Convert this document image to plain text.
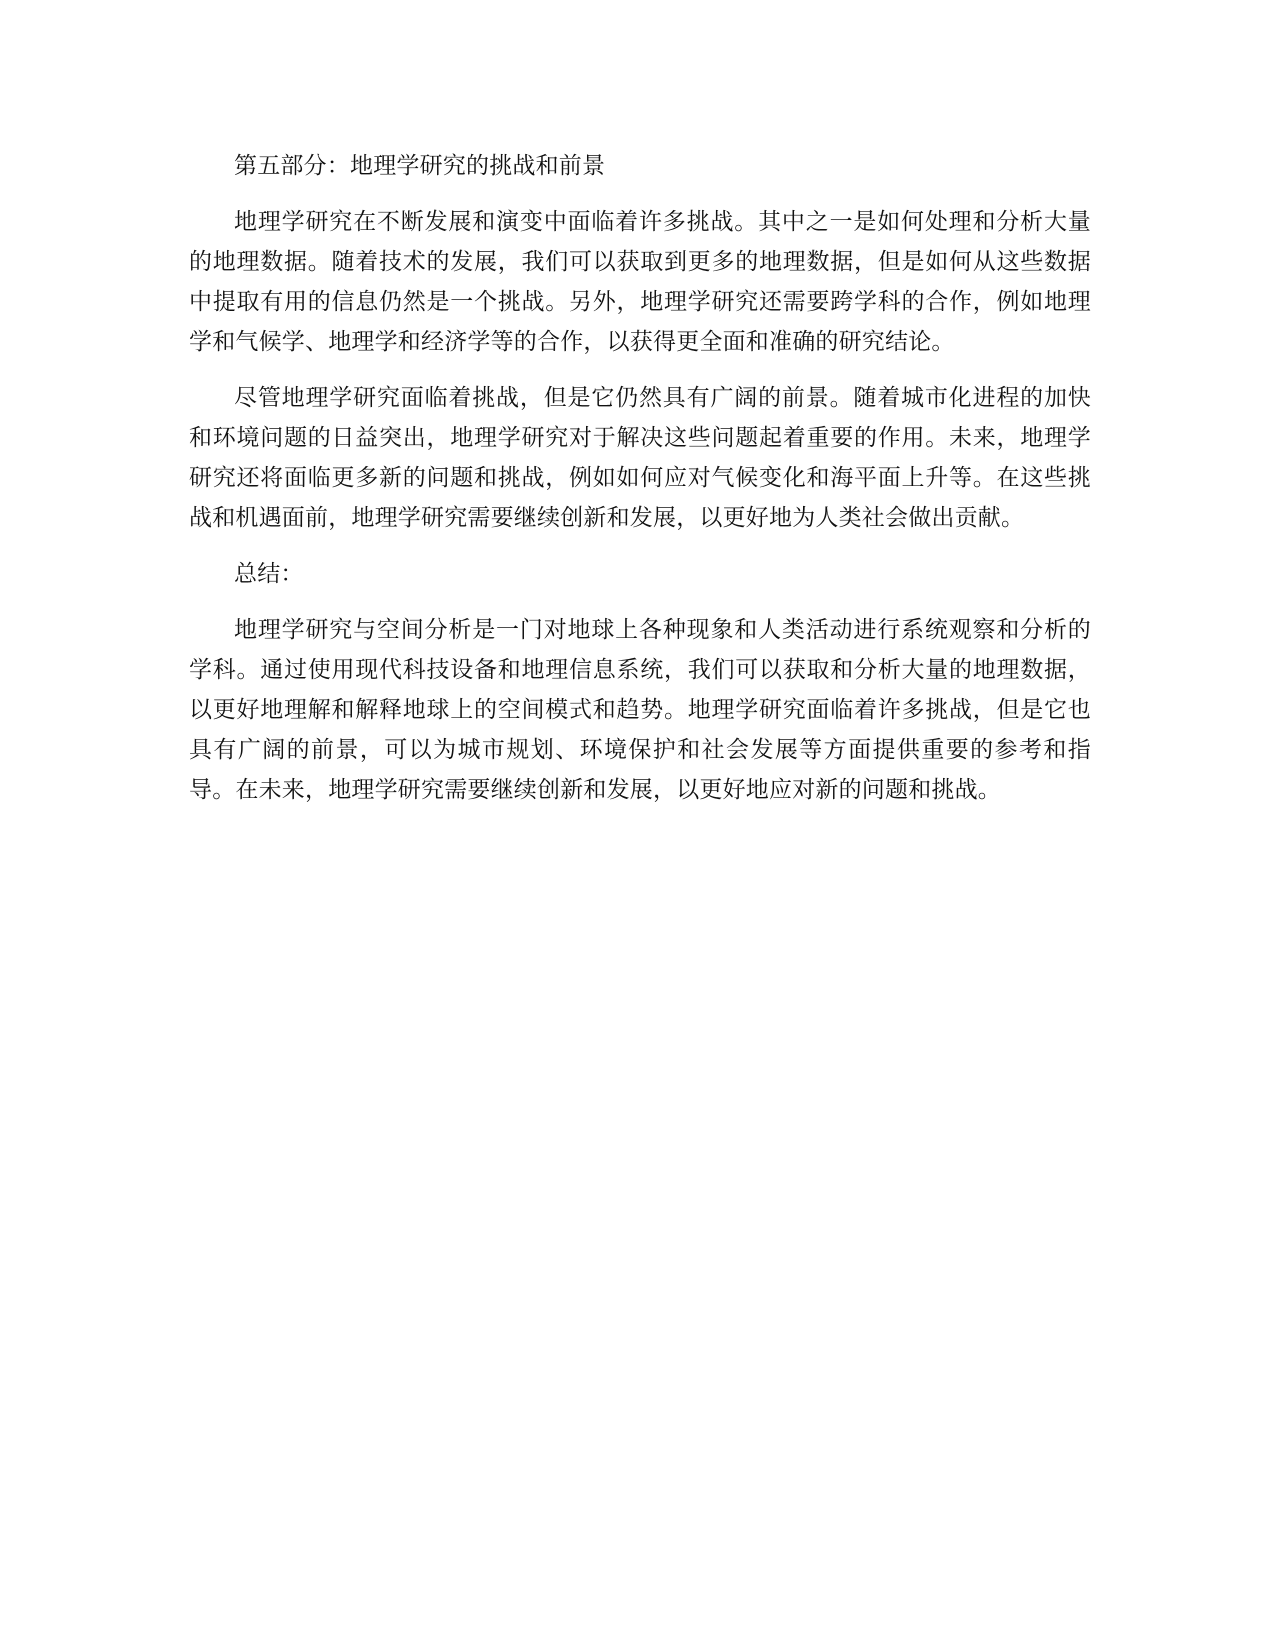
第五部分：地理学研究的挑战和前景

地理学研究在不断发展和演变中面临着许多挑战。其中之一是如何处理和分析大量的地理数据。随着技术的发展，我们可以获取到更多的地理数据，但是如何从这些数据中提取有用的信息仍然是一个挑战。另外，地理学研究还需要跨学科的合作，例如地理学和气候学、地理学和经济学等的合作，以获得更全面和准确的研究结论。

尽管地理学研究面临着挑战，但是它仍然具有广阔的前景。随着城市化进程的加快和环境问题的日益突出，地理学研究对于解决这些问题起着重要的作用。未来，地理学研究还将面临更多新的问题和挑战，例如如何应对气候变化和海平面上升等。在这些挑战和机遇面前，地理学研究需要继续创新和发展，以更好地为人类社会做出贡献。

总结：

地理学研究与空间分析是一门对地球上各种现象和人类活动进行系统观察和分析的学科。通过使用现代科技设备和地理信息系统，我们可以获取和分析大量的地理数据，以更好地理解和解释地球上的空间模式和趋势。地理学研究面临着许多挑战，但是它也具有广阔的前景，可以为城市规划、环境保护和社会发展等方面提供重要的参考和指导。在未来，地理学研究需要继续创新和发展，以更好地应对新的问题和挑战。
